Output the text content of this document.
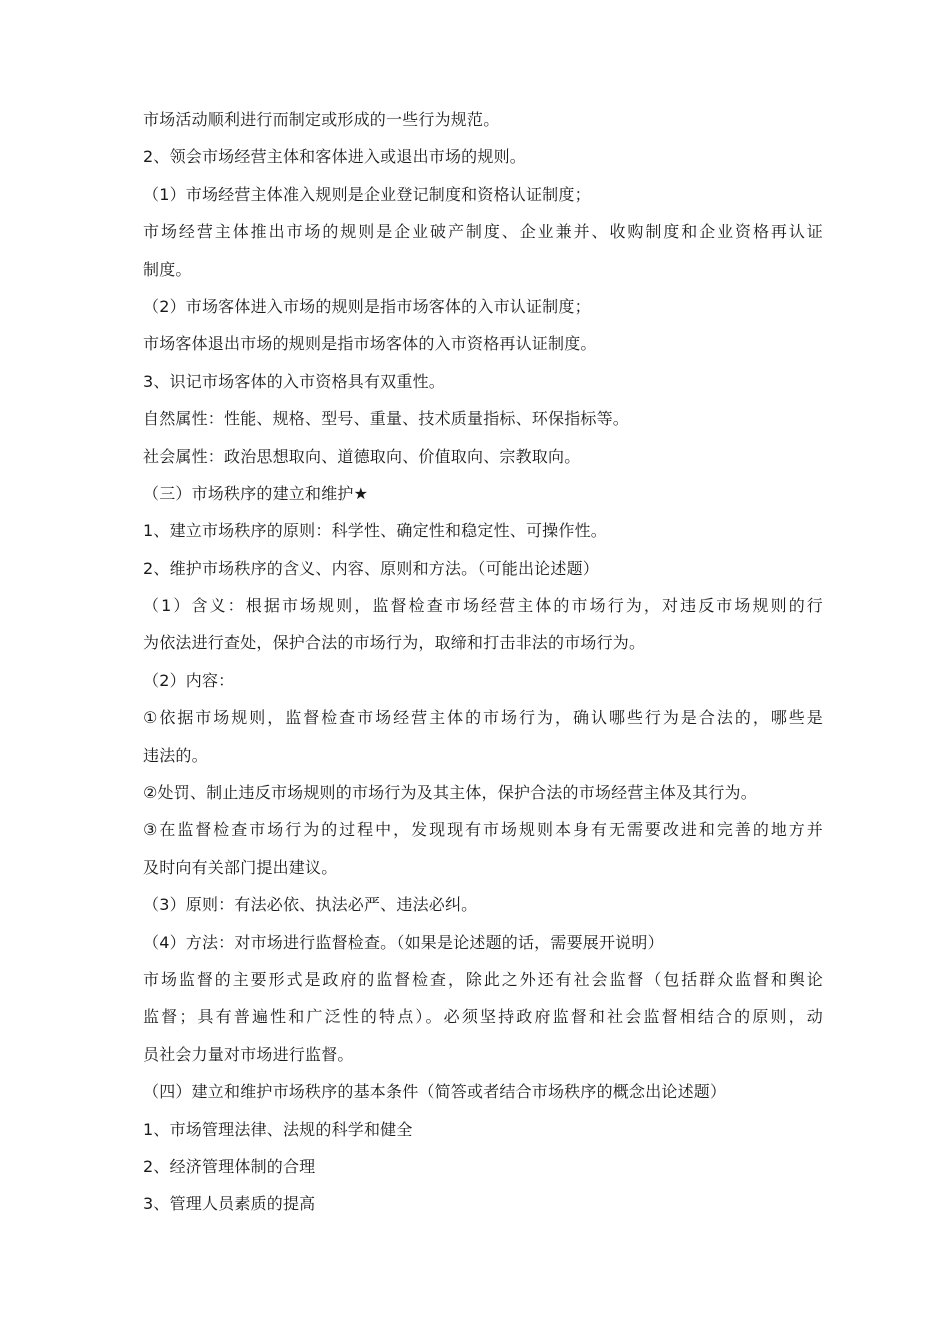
市场活动顺利进行而制定或形成的一些行为规范。
2、领会市场经营主体和客体进入或退出市场的规则。
（1）市场经营主体准入规则是企业登记制度和资格认证制度；
市场经营主体推出市场的规则是企业破产制度、企业兼并、收购制度和企业资格再认证
制度。
（2）市场客体进入市场的规则是指市场客体的入市认证制度；
市场客体退出市场的规则是指市场客体的入市资格再认证制度。
3、识记市场客体的入市资格具有双重性。
自然属性：性能、规格、型号、重量、技术质量指标、环保指标等。
社会属性：政治思想取向、道德取向、价值取向、宗教取向。
（三）市场秩序的建立和维护★
1、建立市场秩序的原则：科学性、确定性和稳定性、可操作性。
2、维护市场秩序的含义、内容、原则和方法。（可能出论述题）
（1）含义：根据市场规则，监督检查市场经营主体的市场行为，对违反市场规则的行
为依法进行查处，保护合法的市场行为，取缔和打击非法的市场行为。
（2）内容：
①依据市场规则，监督检查市场经营主体的市场行为，确认哪些行为是合法的，哪些是
违法的。
②处罚、制止违反市场规则的市场行为及其主体，保护合法的市场经营主体及其行为。
③在监督检查市场行为的过程中，发现现有市场规则本身有无需要改进和完善的地方并
及时向有关部门提出建议。
（3）原则：有法必依、执法必严、违法必纠。
（4）方法：对市场进行监督检查。（如果是论述题的话，需要展开说明）
市场监督的主要形式是政府的监督检查，除此之外还有社会监督（包括群众监督和舆论
监督；具有普遍性和广泛性的特点）。必须坚持政府监督和社会监督相结合的原则，动
员社会力量对市场进行监督。
（四）建立和维护市场秩序的基本条件（简答或者结合市场秩序的概念出论述题）
1、市场管理法律、法规的科学和健全
2、经济管理体制的合理
3、管理人员素质的提高
